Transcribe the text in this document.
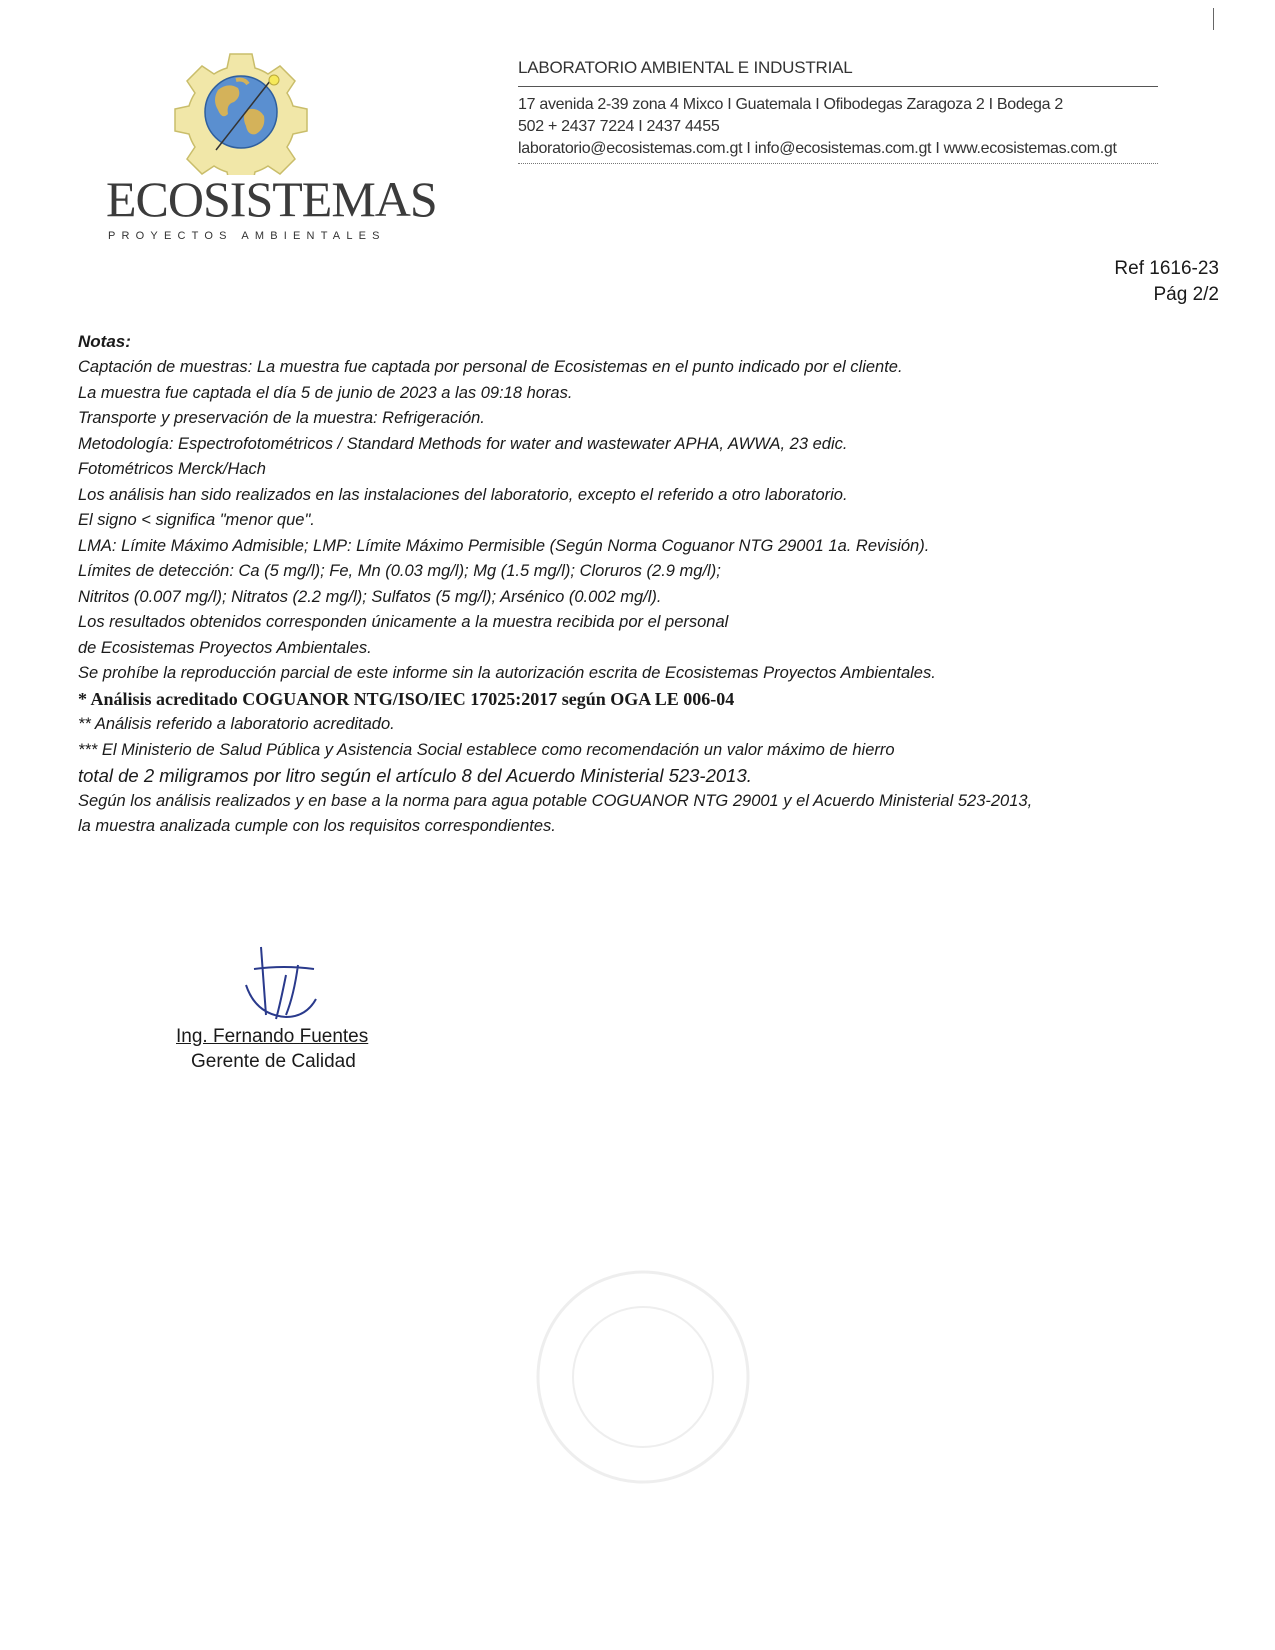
ECOSISTEMAS
PROYECTOS AMBIENTALES
LABORATORIO AMBIENTAL E INDUSTRIAL
17 avenida 2-39 zona 4 Mixco I Guatemala I Ofibodegas Zaragoza 2 I Bodega 2
502 + 2437 7224 I 2437 4455
laboratorio@ecosistemas.com.gt I info@ecosistemas.com.gt I www.ecosistemas.com.gt
Ref 1616-23
Pág 2/2
Notas:
Captación de muestras: La muestra fue captada por personal de Ecosistemas en el punto indicado por el cliente.
La muestra fue captada el día 5 de junio de 2023 a las 09:18 horas.
Transporte y preservación de la muestra: Refrigeración.
Metodología: Espectrofotométricos / Standard Methods for water and wastewater APHA, AWWA, 23 edic.
Fotométricos Merck/Hach
Los análisis han sido realizados en las instalaciones del laboratorio, excepto el referido a otro laboratorio.
El signo < significa "menor que".
LMA: Límite Máximo Admisible; LMP: Límite Máximo Permisible (Según Norma Coguanor NTG 29001 1a. Revisión).
Límites de detección: Ca (5 mg/l); Fe, Mn (0.03 mg/l); Mg (1.5 mg/l); Cloruros (2.9 mg/l);
Nitritos (0.007 mg/l); Nitratos (2.2 mg/l); Sulfatos (5 mg/l); Arsénico (0.002 mg/l).
Los resultados obtenidos corresponden únicamente a la muestra recibida por el personal
de Ecosistemas Proyectos Ambientales.
Se prohíbe la reproducción parcial de este informe sin la autorización escrita de Ecosistemas Proyectos Ambientales.
* Análisis acreditado COGUANOR NTG/ISO/IEC 17025:2017 según OGA LE 006-04
** Análisis referido a laboratorio acreditado.
*** El Ministerio de Salud Pública y Asistencia Social establece como recomendación un valor máximo de hierro
total de 2 miligramos por litro según el artículo 8 del Acuerdo Ministerial 523-2013.
Según los análisis realizados y en base a la norma para agua potable COGUANOR NTG 29001 y el Acuerdo Ministerial 523-2013,
la muestra analizada cumple con los requisitos correspondientes.
Ing. Fernando Fuentes
Gerente de Calidad
